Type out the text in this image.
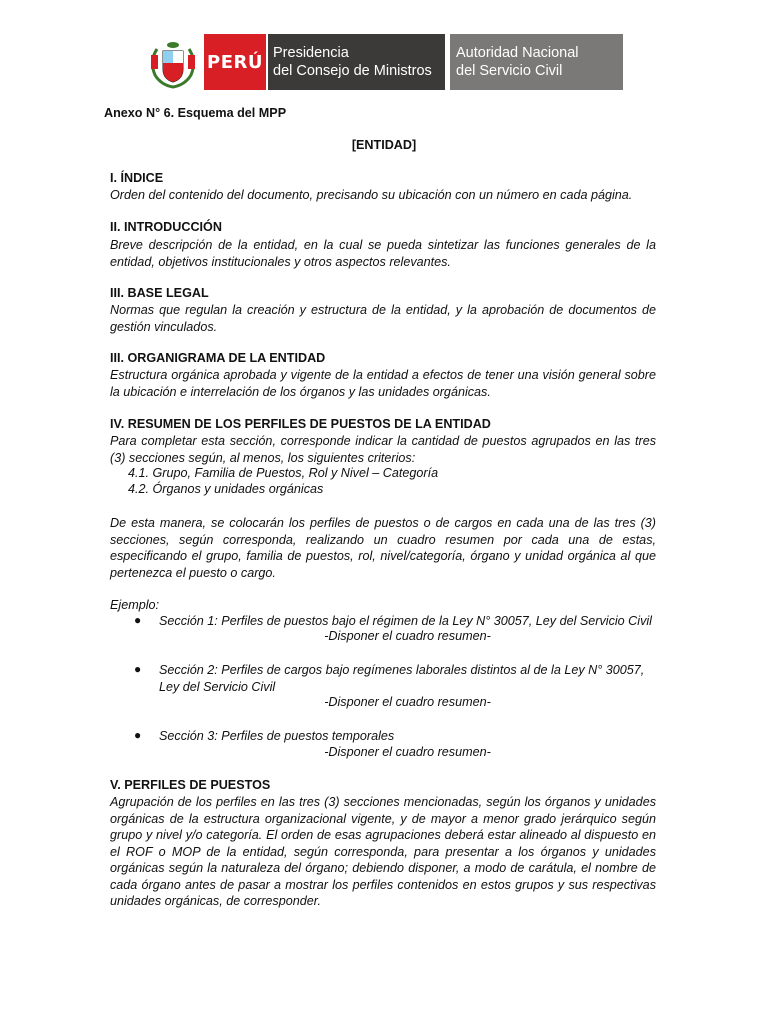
PERÚ Presidencia
del Consejo de Ministros
Autoridad Nacional
del Servicio Civil
Anexo N° 6. Esquema del MPP
[ENTIDAD]
I. ÍNDICE
Orden del contenido del documento, precisando su ubicación con un número en cada página.
II. INTRODUCCIÓN
Breve descripción de la entidad, en la cual se pueda sintetizar las funciones generales de la entidad, objetivos institucionales y otros aspectos relevantes.
III. BASE LEGAL
Normas que regulan la creación y estructura de la entidad, y la aprobación de documentos de gestión vinculados.
III. ORGANIGRAMA DE LA ENTIDAD
Estructura orgánica aprobada y vigente de la entidad a efectos de tener una visión general sobre la ubicación e interrelación de los órganos y las unidades orgánicas.
IV. RESUMEN DE LOS PERFILES DE PUESTOS DE LA ENTIDAD
Para completar esta sección, corresponde indicar la cantidad de puestos agrupados en las tres (3) secciones según, al menos, los siguientes criterios:
4.1. Grupo, Familia de Puestos, Rol y Nivel – Categoría
4.2. Órganos y unidades orgánicas
De esta manera, se colocarán los perfiles de puestos o de cargos en cada una de las tres (3) secciones, según corresponda, realizando un cuadro resumen por cada una de estas, especificando el grupo, familia de puestos, rol, nivel/categoría, órgano y unidad orgánica al que pertenezca el puesto o cargo.
Ejemplo:
● Sección 1: Perfiles de puestos bajo el régimen de la Ley N° 30057, Ley del Servicio Civil
-Disponer el cuadro resumen-
● Sección 2: Perfiles de cargos bajo regímenes laborales distintos al de la Ley N° 30057, Ley del Servicio Civil
-Disponer el cuadro resumen-
● Sección 3: Perfiles de puestos temporales
-Disponer el cuadro resumen-
V. PERFILES DE PUESTOS
Agrupación de los perfiles en las tres (3) secciones mencionadas, según los órganos y unidades orgánicas de la estructura organizacional vigente, y de mayor a menor grado jerárquico según grupo y nivel y/o categoría. El orden de esas agrupaciones deberá estar alineado al dispuesto en el ROF o MOP de la entidad, según corresponda, para presentar a los órganos y unidades orgánicas según la naturaleza del órgano; debiendo disponer, a modo de carátula, el nombre de cada órgano antes de pasar a mostrar los perfiles contenidos en estos grupos y sus respectivas unidades orgánicas, de corresponder.
